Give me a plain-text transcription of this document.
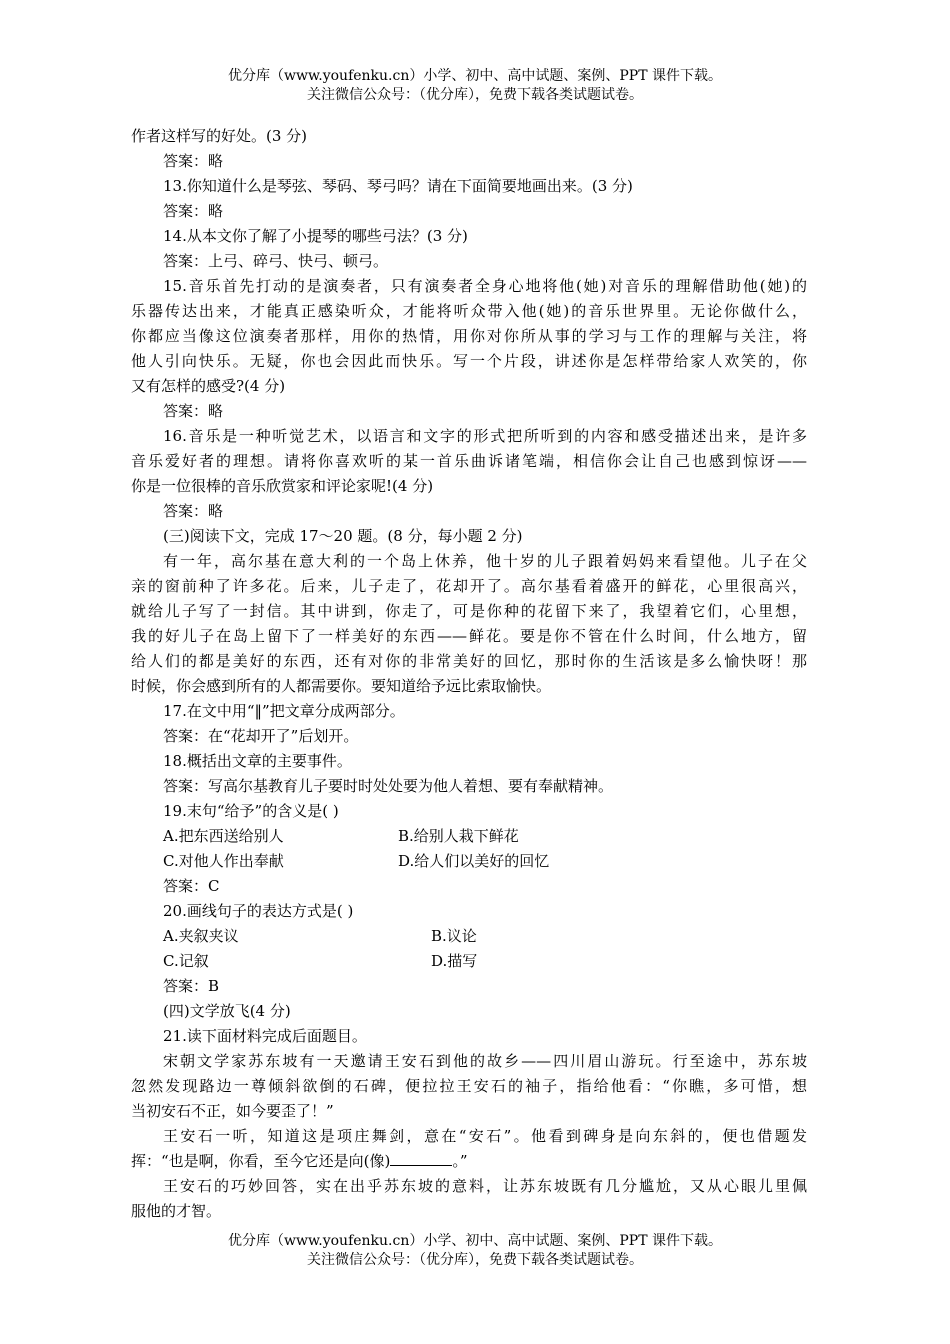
优分库（www.youfenku.cn）小学、初中、高中试题、案例、PPT 课件下载。
关注微信公众号：（优分库），免费下载各类试题试卷。
作者这样写的好处。(3 分)
答案：略
13.你知道什么是琴弦、琴码、琴弓吗？请在下面简要地画出来。(3 分)
答案：略
14.从本文你了解了小提琴的哪些弓法？(3 分)
答案：上弓、碎弓、快弓、顿弓。
15.音乐首先打动的是演奏者，只有演奏者全身心地将他(她)对音乐的理解借助他(她)的
乐器传达出来，才能真正感染听众，才能将听众带入他(她)的音乐世界里。无论你做什么，
你都应当像这位演奏者那样，用你的热情，用你对你所从事的学习与工作的理解与关注，将
他人引向快乐。无疑，你也会因此而快乐。写一个片段，讲述你是怎样带给家人欢笑的，你
又有怎样的感受?(4 分)
答案：略
16.音乐是一种听觉艺术，以语言和文字的形式把所听到的内容和感受描述出来，是许多
音乐爱好者的理想。请将你喜欢听的某一首乐曲诉诸笔端，相信你会让自己也感到惊讶——
你是一位很棒的音乐欣赏家和评论家呢!(4 分)
答案：略
(三)阅读下文，完成 17～20 题。(8 分，每小题 2 分)
有一年，高尔基在意大利的一个岛上休养，他十岁的儿子跟着妈妈来看望他。儿子在父
亲的窗前种了许多花。后来，儿子走了，花却开了。高尔基看着盛开的鲜花，心里很高兴，
就给儿子写了一封信。其中讲到，你走了，可是你种的花留下来了，我望着它们，心里想，
我的好儿子在岛上留下了一样美好的东西——鲜花。要是你不管在什么时间，什么地方，留
给人们的都是美好的东西，还有对你的非常美好的回忆，那时你的生活该是多么愉快呀！那
时候，你会感到所有的人都需要你。要知道给予远比索取愉快。
17.在文中用“‖”把文章分成两部分。
答案：在“花却开了”后划开。
18.概括出文章的主要事件。
答案：写高尔基教育儿子要时时处处要为他人着想、要有奉献精神。
19.末句“给予”的含义是( )
A.把东西送给别人	B.给别人栽下鲜花
C.对他人作出奉献	D.给人们以美好的回忆
答案：C
20.画线句子的表达方式是( )
A.夹叙夹议	B.议论
C.记叙	D.描写
答案：B
(四)文学放飞(4 分)
21.读下面材料完成后面题目。
宋朝文学家苏东坡有一天邀请王安石到他的故乡——四川眉山游玩。行至途中，苏东坡
忽然发现路边一尊倾斜欲倒的石碑，便拉拉王安石的袖子，指给他看：“你瞧，多可惜，想
当初安石不正，如今要歪了！”
王安石一听，知道这是项庄舞剑，意在“安石”。他看到碑身是向东斜的，便也借题发
挥：“也是啊，你看，至今它还是向(像)	。”
王安石的巧妙回答，实在出乎苏东坡的意料，让苏东坡既有几分尴尬，又从心眼儿里佩
服他的才智。
优分库（www.youfenku.cn）小学、初中、高中试题、案例、PPT 课件下载。
关注微信公众号：（优分库），免费下载各类试题试卷。
